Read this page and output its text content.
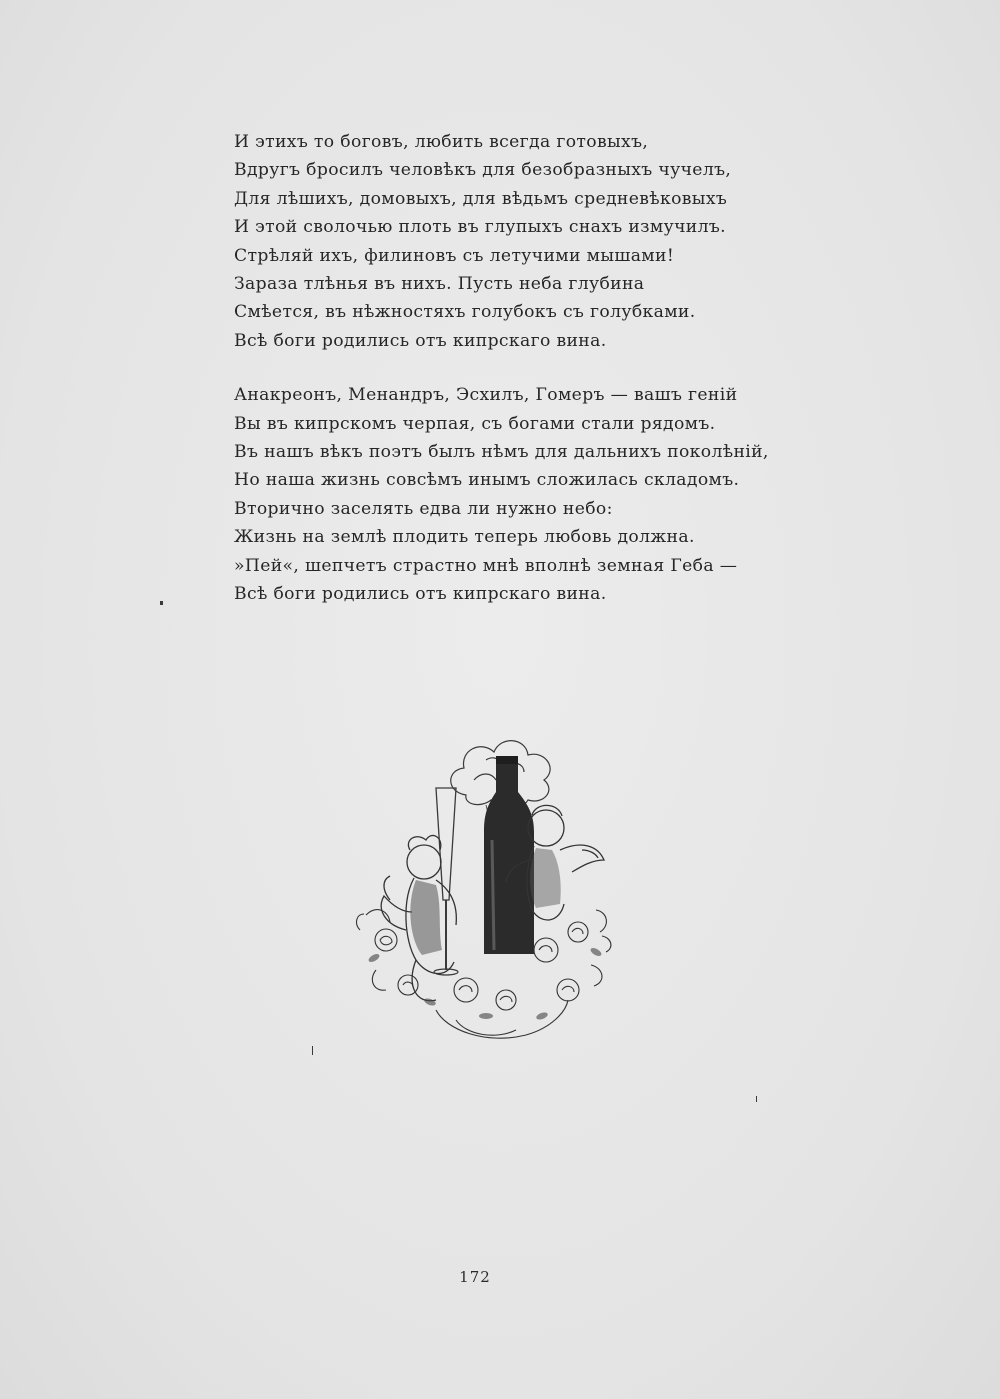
И этихъ то боговъ, любить всегда готовыхъ,
Вдругъ бросилъ человѣкъ для безобразныхъ чучелъ,
Для лѣшихъ, домовыхъ, для вѣдьмъ средневѣковыхъ
И этой сволочью плоть въ глупыхъ снахъ измучилъ.
Стрѣляй ихъ, филиновъ съ летучими мышами!
Зараза тлѣнья въ нихъ. Пусть неба глубина
Смѣется, въ нѣжностяхъ голубокъ съ голубками.
Всѣ боги родились отъ кипрскаго вина.
Анакреонъ, Менандръ, Эсхилъ, Гомеръ — вашъ геній
Вы въ кипрскомъ черпая, съ богами стали рядомъ.
Въ нашъ вѣкъ поэтъ былъ нѣмъ для дальнихъ поколѣній,
Но наша жизнь совсѣмъ инымъ сложилась складомъ.
Вторично заселять едва ли нужно небо:
Жизнь на землѣ плодить теперь любовь должна.
»Пей«, шепчетъ страстно мнѣ вполнѣ земная Геба —
Всѣ боги родились отъ кипрскаго вина.
172
